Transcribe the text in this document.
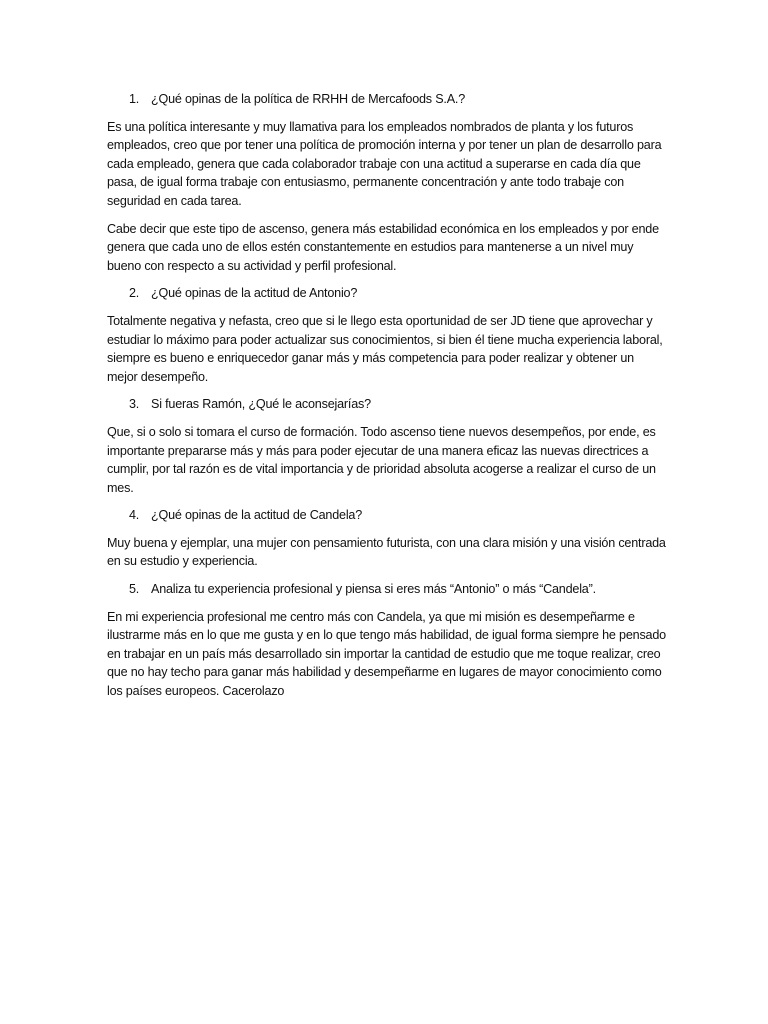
1. ¿Qué opinas de la política de RRHH de Mercafoods S.A.?

Es una política interesante y muy llamativa para los empleados nombrados de planta y los futuros empleados, creo que por tener una política de promoción interna y por tener un plan de desarrollo para cada empleado, genera que cada colaborador trabaje con una actitud a superarse en cada día que pasa, de igual forma trabaje con entusiasmo, permanente concentración y ante todo trabaje con seguridad en cada tarea.

Cabe decir que este tipo de ascenso, genera más estabilidad económica en los empleados y por ende genera que cada uno de ellos estén constantemente en estudios para mantenerse a un nivel muy bueno con respecto a su actividad y perfil profesional.

2. ¿Qué opinas de la actitud de Antonio?

Totalmente negativa y nefasta, creo que si le llego esta oportunidad de ser JD tiene que aprovechar y estudiar lo máximo para poder actualizar sus conocimientos, si bien él tiene mucha experiencia laboral, siempre es bueno e enriquecedor ganar más y más competencia para poder realizar y obtener un mejor desempeño.

3. Si fueras Ramón, ¿Qué le aconsejarías?

Que, si o solo si tomara el curso de formación. Todo ascenso tiene nuevos desempeños, por ende, es importante prepararse más y más para poder ejecutar de una manera eficaz las nuevas directrices a cumplir, por tal razón es de vital importancia y de prioridad absoluta acogerse a realizar el curso de un mes.

4. ¿Qué opinas de la actitud de Candela?

Muy buena y ejemplar, una mujer con pensamiento futurista, con una clara misión y una visión centrada en su estudio y experiencia.

5. Analiza tu experiencia profesional y piensa si eres más “Antonio” o más “Candela”.

En mi experiencia profesional me centro más con Candela, ya que mi misión es desempeñarme e ilustrarme más en lo que me gusta y en lo que tengo más habilidad, de igual forma siempre he pensado en trabajar en un país más desarrollado sin importar la cantidad de estudio que me toque realizar, creo que no hay techo para ganar más habilidad y desempeñarme en lugares de mayor conocimiento como los países europeos. Cacerolazo
